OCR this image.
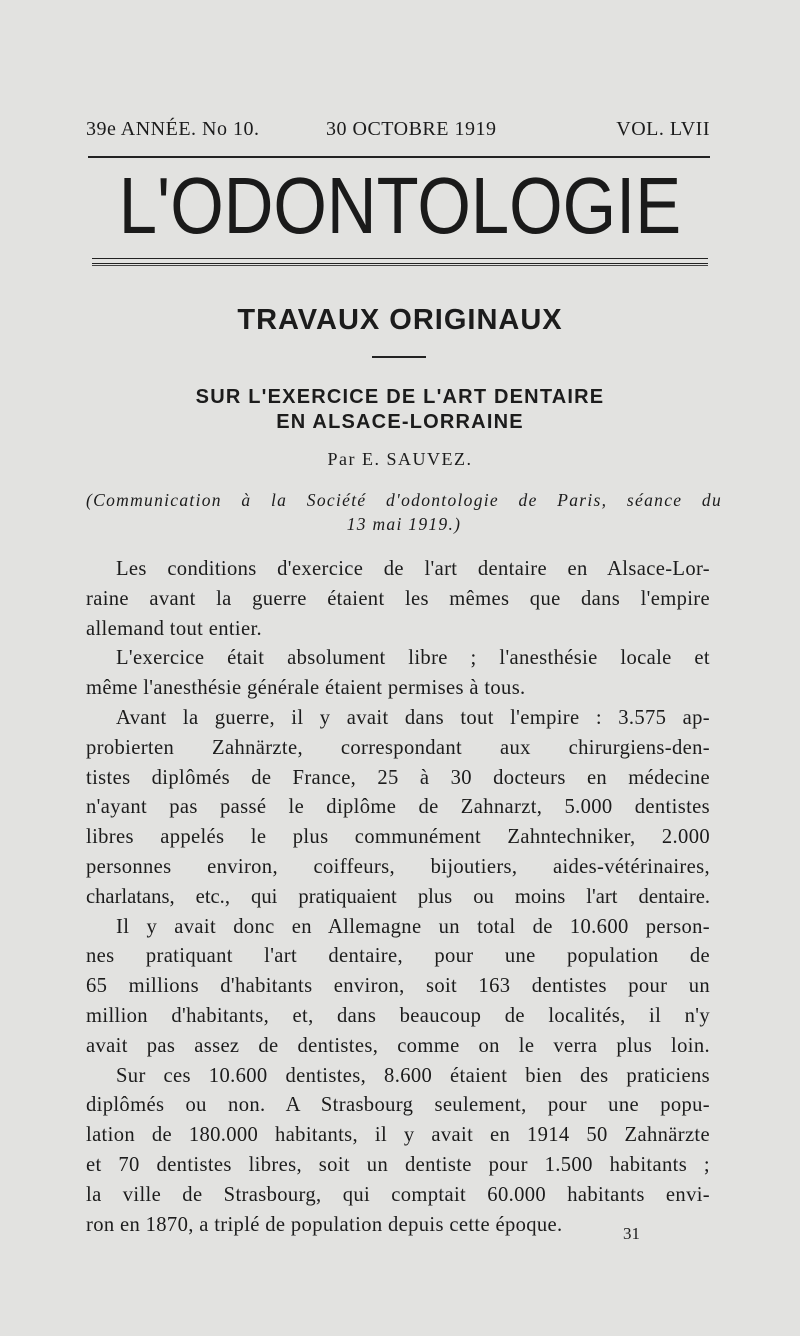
39e ANNÉE. No 10.	30 OCTOBRE 1919	VOL. LVII
L'ODONTOLOGIE
TRAVAUX ORIGINAUX
SUR L'EXERCICE DE L'ART DENTAIRE
EN ALSACE-LORRAINE
Par E. SAUVEZ.
(Communication à la Société d'odontologie de Paris, séance du
13 mai 1919.)
Les conditions d'exercice de l'art dentaire en Alsace-Lor-
raine avant la guerre étaient les mêmes que dans l'empire
allemand tout entier.
L'exercice était absolument libre ; l'anesthésie locale et
même l'anesthésie générale étaient permises à tous.
Avant la guerre, il y avait dans tout l'empire : 3.575 ap-
probierten Zahnärzte, correspondant aux chirurgiens-den-
tistes diplômés de France, 25 à 30 docteurs en médecine
n'ayant pas passé le diplôme de Zahnarzt, 5.000 dentistes
libres appelés le plus communément Zahntechniker, 2.000
personnes environ, coiffeurs, bijoutiers, aides-vétérinaires,
charlatans, etc., qui pratiquaient plus ou moins l'art dentaire.
Il y avait donc en Allemagne un total de 10.600 person-
nes pratiquant l'art dentaire, pour une population de
65 millions d'habitants environ, soit 163 dentistes pour un
million d'habitants, et, dans beaucoup de localités, il n'y
avait pas assez de dentistes, comme on le verra plus loin.
Sur ces 10.600 dentistes, 8.600 étaient bien des praticiens
diplômés ou non. A Strasbourg seulement, pour une popu-
lation de 180.000 habitants, il y avait en 1914 50 Zahnärzte
et 70 dentistes libres, soit un dentiste pour 1.500 habitants ;
la ville de Strasbourg, qui comptait 60.000 habitants envi-
ron en 1870, a triplé de population depuis cette époque.	31
